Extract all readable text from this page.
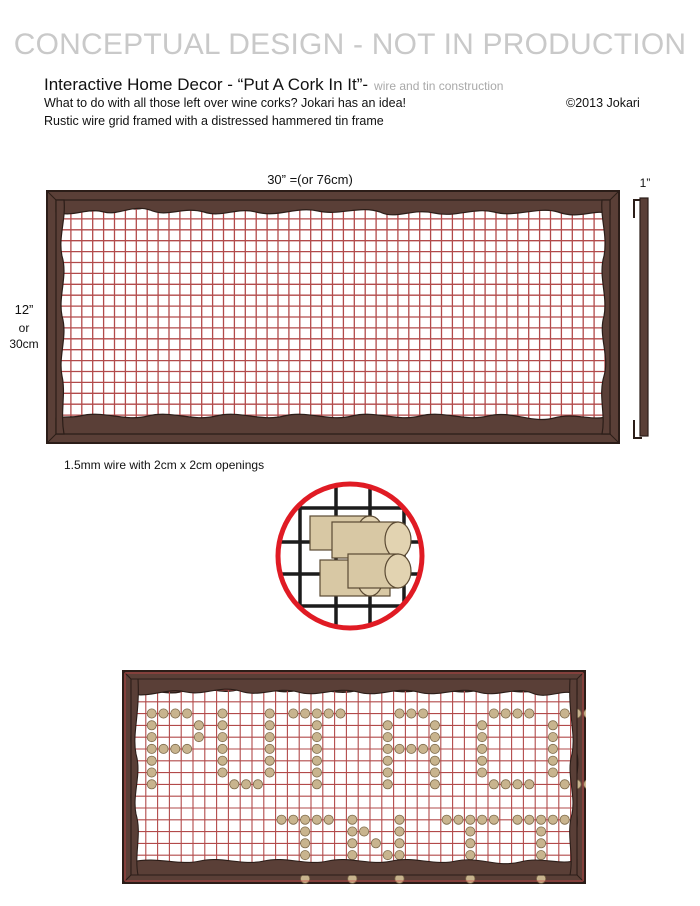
CONCEPTUAL DESIGN - NOT IN PRODUCTION
Interactive Home Decor - “Put A Cork In It”- wire and tin construction
What to do with all those left over wine corks? Jokari has an idea!
Rustic wire grid framed with a distressed hammered tin frame
©2013 Jokari
30” =(or 76cm)	1”
12”
or
30cm
1.5mm wire with 2cm x 2cm openings
